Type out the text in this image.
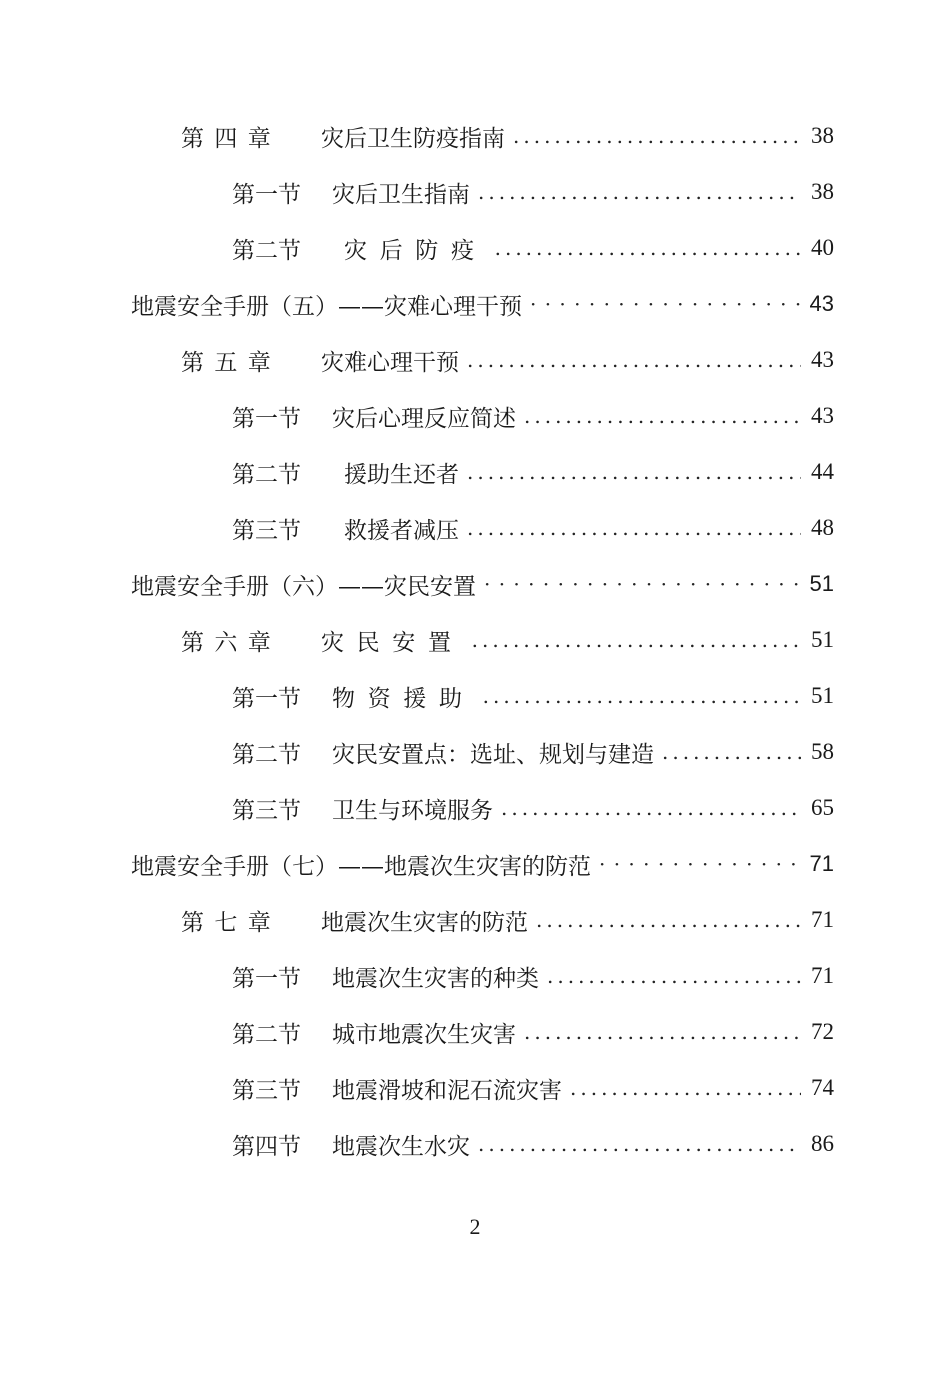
第四章 灾后卫生防疫指南 .....	38
第一节 灾后卫生指南 .....	38
第二节 灾后防疫 .....	40
地震安全手册（五）——灾难心理干预 · · ·	43
第五章 灾难心理干预 .....	43
第一节 灾后心理反应简述 .....	43
第二节 援助生还者 .....	44
第三节 救援者减压 .....	48
地震安全手册（六）——灾民安置 · · ·	51
第六章 灾民安置 .....	51
第一节 物资援助 .....	51
第二节 灾民安置点：选址、规划与建造 .....	58
第三节 卫生与环境服务 .....	65
地震安全手册（七）——地震次生灾害的防范 · · ·	71
第七章 地震次生灾害的防范 .....	71
第一节 地震次生灾害的种类 .....	71
第二节 城市地震次生灾害 .....	72
第三节 地震滑坡和泥石流灾害 .....	74
第四节 地震次生水灾 .....	86
2
